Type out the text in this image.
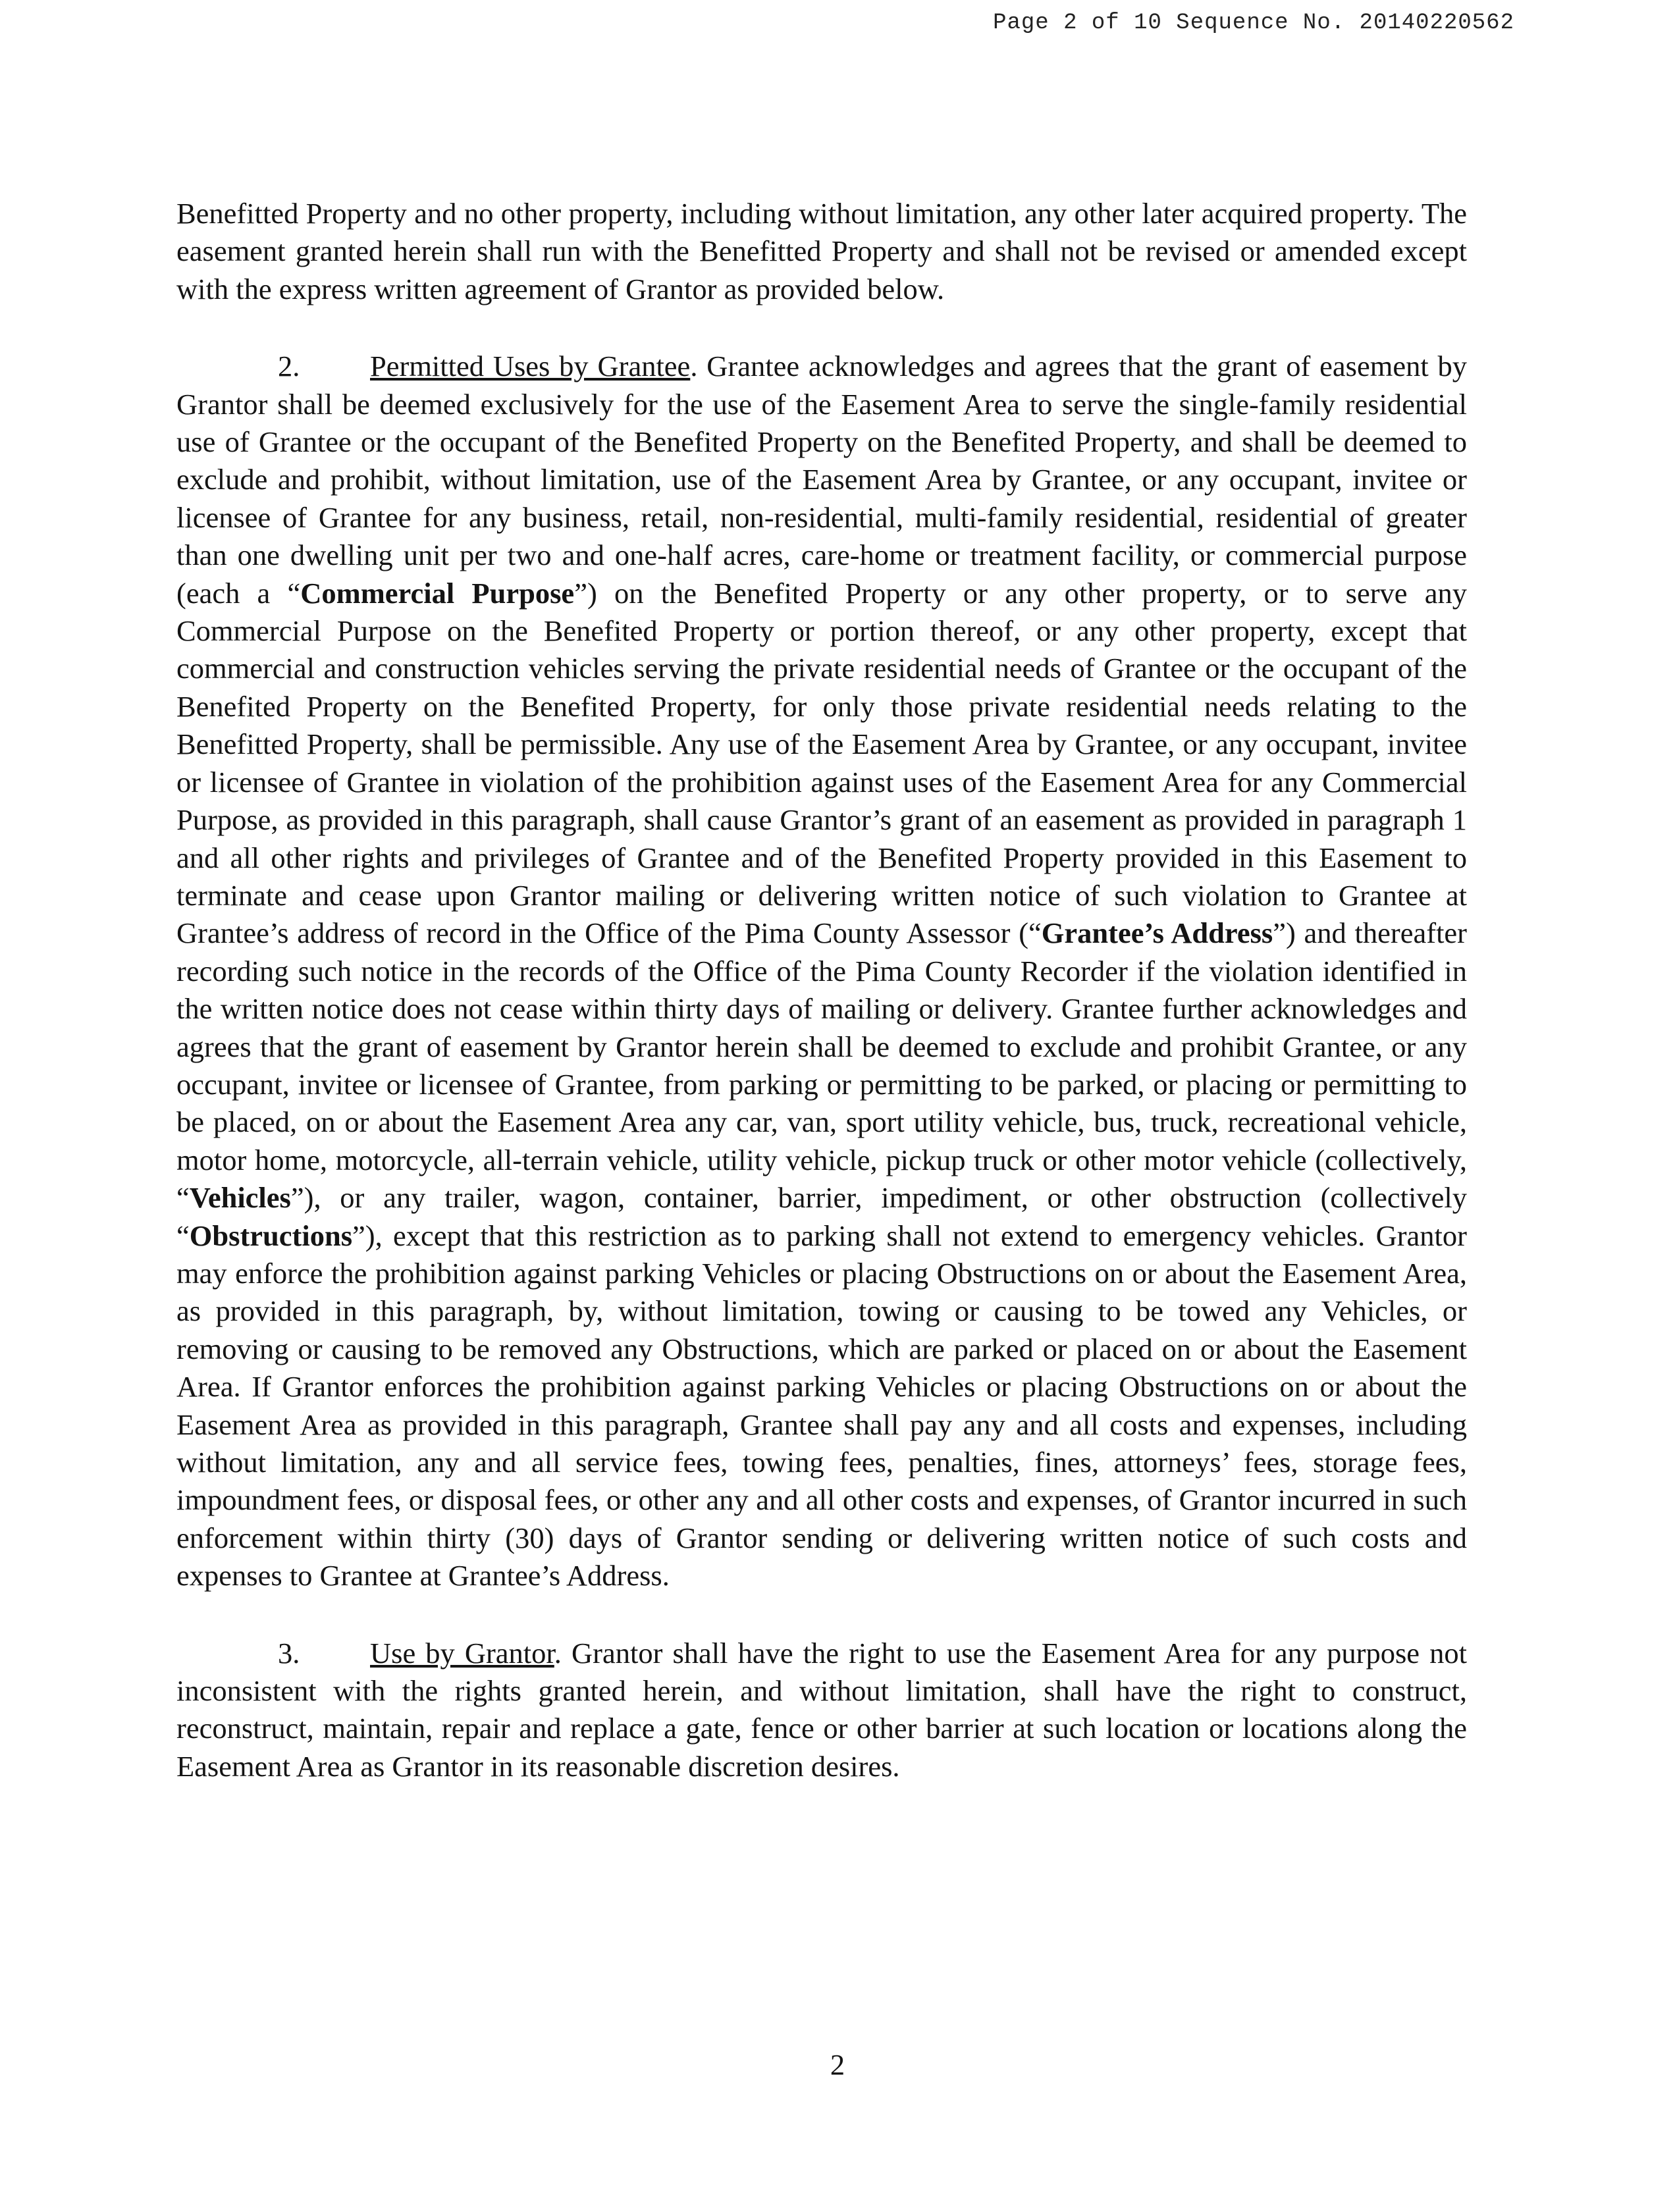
Page 2 of 10 Sequence No. 20140220562

Benefitted Property and no other property, including without limitation, any other later acquired property. The easement granted herein shall run with the Benefitted Property and shall not be revised or amended except with the express written agreement of Grantor as provided below.

2. Permitted Uses by Grantee. Grantee acknowledges and agrees that the grant of easement by Grantor shall be deemed exclusively for the use of the Easement Area to serve the single-family residential use of Grantee or the occupant of the Benefited Property on the Benefited Property, and shall be deemed to exclude and prohibit, without limitation, use of the Easement Area by Grantee, or any occupant, invitee or licensee of Grantee for any business, retail, non-residential, multi-family residential, residential of greater than one dwelling unit per two and one-half acres, care-home or treatment facility, or commercial purpose (each a “Commercial Purpose”) on the Benefited Property or any other property, or to serve any Commercial Purpose on the Benefited Property or portion thereof, or any other property, except that commercial and construction vehicles serving the private residential needs of Grantee or the occupant of the Benefited Property on the Benefited Property, for only those private residential needs relating to the Benefitted Property, shall be permissible. Any use of the Easement Area by Grantee, or any occupant, invitee or licensee of Grantee in violation of the prohibition against uses of the Easement Area for any Commercial Purpose, as provided in this paragraph, shall cause Grantor’s grant of an easement as provided in paragraph 1 and all other rights and privileges of Grantee and of the Benefited Property provided in this Easement to terminate and cease upon Grantor mailing or delivering written notice of such violation to Grantee at Grantee’s address of record in the Office of the Pima County Assessor (“Grantee’s Address”) and thereafter recording such notice in the records of the Office of the Pima County Recorder if the violation identified in the written notice does not cease within thirty days of mailing or delivery. Grantee further acknowledges and agrees that the grant of easement by Grantor herein shall be deemed to exclude and prohibit Grantee, or any occupant, invitee or licensee of Grantee, from parking or permitting to be parked, or placing or permitting to be placed, on or about the Easement Area any car, van, sport utility vehicle, bus, truck, recreational vehicle, motor home, motorcycle, all-terrain vehicle, utility vehicle, pickup truck or other motor vehicle (collectively, “Vehicles”), or any trailer, wagon, container, barrier, impediment, or other obstruction (collectively “Obstructions”), except that this restriction as to parking shall not extend to emergency vehicles. Grantor may enforce the prohibition against parking Vehicles or placing Obstructions on or about the Easement Area, as provided in this paragraph, by, without limitation, towing or causing to be towed any Vehicles, or removing or causing to be removed any Obstructions, which are parked or placed on or about the Easement Area. If Grantor enforces the prohibition against parking Vehicles or placing Obstructions on or about the Easement Area as provided in this paragraph, Grantee shall pay any and all costs and expenses, including without limitation, any and all service fees, towing fees, penalties, fines, attorneys’ fees, storage fees, impoundment fees, or disposal fees, or other any and all other costs and expenses, of Grantor incurred in such enforcement within thirty (30) days of Grantor sending or delivering written notice of such costs and expenses to Grantee at Grantee’s Address.

3. Use by Grantor. Grantor shall have the right to use the Easement Area for any purpose not inconsistent with the rights granted herein, and without limitation, shall have the right to construct, reconstruct, maintain, repair and replace a gate, fence or other barrier at such location or locations along the Easement Area as Grantor in its reasonable discretion desires.

2
